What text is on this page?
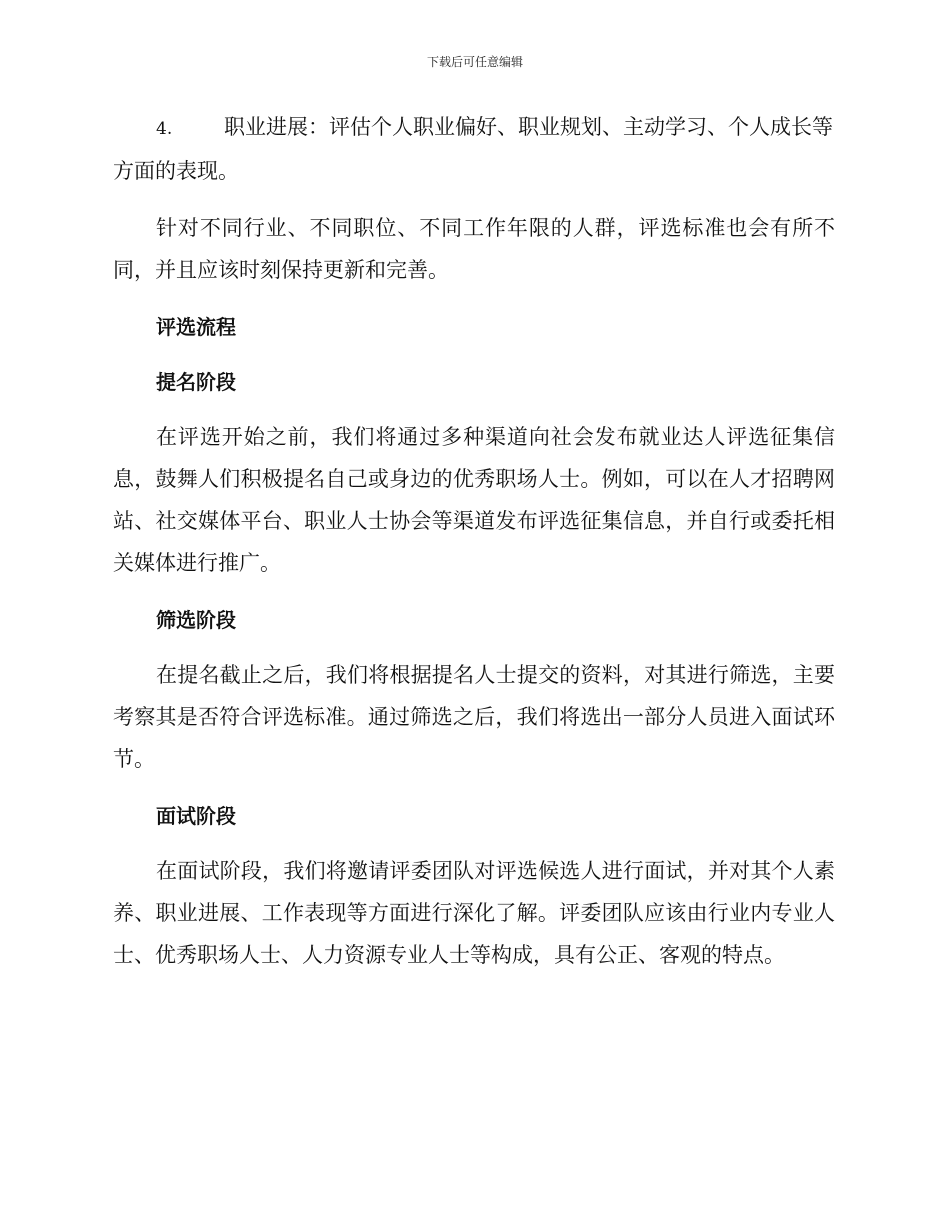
下载后可任意编辑

4. 职业进展：评估个人职业偏好、职业规划、主动学习、个人成长等方面的表现。

针对不同行业、不同职位、不同工作年限的人群，评选标准也会有所不同，并且应该时刻保持更新和完善。

评选流程

提名阶段

在评选开始之前，我们将通过多种渠道向社会发布就业达人评选征集信息，鼓舞人们积极提名自己或身边的优秀职场人士。例如，可以在人才招聘网站、社交媒体平台、职业人士协会等渠道发布评选征集信息，并自行或委托相关媒体进行推广。

筛选阶段

在提名截止之后，我们将根据提名人士提交的资料，对其进行筛选，主要考察其是否符合评选标准。通过筛选之后，我们将选出一部分人员进入面试环节。

面试阶段

在面试阶段，我们将邀请评委团队对评选候选人进行面试，并对其个人素养、职业进展、工作表现等方面进行深化了解。评委团队应该由行业内专业人士、优秀职场人士、人力资源专业人士等构成，具有公正、客观的特点。
